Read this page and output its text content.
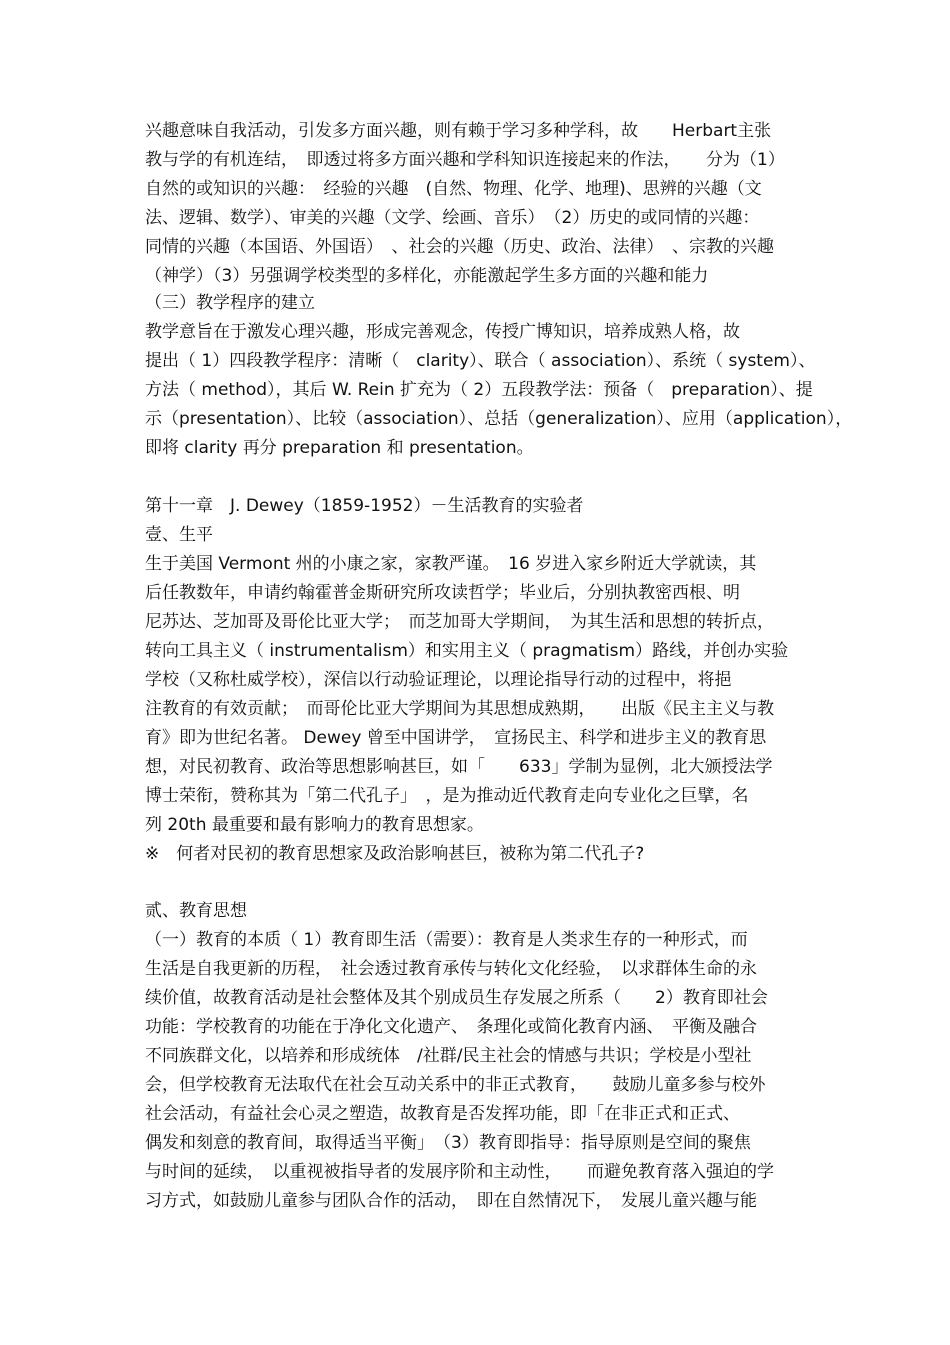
兴趣意味自我活动，引发多方面兴趣，则有赖于学习多种学科，故　　Herbart主张
教与学的有机连结，　即透过将多方面兴趣和学科知识连接起来的作法，　　分为（1）
自然的或知识的兴趣：　经验的兴趣　(自然、物理、化学、地理)、思辨的兴趣（文
法、逻辑、数学）、审美的兴趣（文学、绘画、音乐）　（2）历史的或同情的兴趣：
同情的兴趣（本国语、外国语）　、社会的兴趣（历史、政治、法律）　、宗教的兴趣
（神学）（3）另强调学校类型的多样化，亦能激起学生多方面的兴趣和能力
（三）教学程序的建立
教学意旨在于激发心理兴趣，形成完善观念，传授广博知识，培养成熟人格，故
提出（ 1）四段教学程序：清晰（　clarity）、联合（ association）、系统（ system）、
方法（ method），其后 W. Rein 扩充为（ 2）五段教学法：预备（　preparation）、提
示（presentation）、比较（association）、总括（generalization）、应用（application），
即将 clarity 再分 preparation 和 presentation。
第十一章　J. Dewey（1859-1952）－生活教育的实验者
壹、生平
生于美国 Vermont 州的小康之家，家教严谨。　16 岁进入家乡附近大学就读，其
后任教数年，申请约翰霍普金斯研究所攻读哲学；毕业后，分别执教密西根、明
尼苏达、芝加哥及哥伦比亚大学；　而芝加哥大学期间，　为其生活和思想的转折点，
转向工具主义（ instrumentalism）和实用主义（ pragmatism）路线，并创办实验
学校（又称杜威学校），深信以行动验证理论，以理论指导行动的过程中，将挹
注教育的有效贡献；　而哥伦比亚大学期间为其思想成熟期，　　出版《民主主义与教
育》即为世纪名著。 Dewey 曾至中国讲学，　宣扬民主、科学和进步主义的教育思
想，对民初教育、政治等思想影响甚巨，如「　　633」学制为显例，北大颁授法学
博士荣衔，赞称其为「第二代孔子」　，是为推动近代教育走向专业化之巨擘，名
列 20th 最重要和最有影响力的教育思想家。
※　何者对民初的教育思想家及政治影响甚巨，被称为第二代孔子?
贰、教育思想
（一）教育的本质（ 1）教育即生活（需要）：教育是人类求生存的一种形式，而
生活是自我更新的历程，　社会透过教育承传与转化文化经验，　以求群体生命的永
续价值，故教育活动是社会整体及其个别成员生存发展之所系（　　2）教育即社会
功能：学校教育的功能在于净化文化遗产、　条理化或简化教育内涵、　平衡及融合
不同族群文化，以培养和形成统体　/社群/民主社会的情感与共识；学校是小型社
会，但学校教育无法取代在社会互动关系中的非正式教育，　　鼓励儿童多参与校外
社会活动，有益社会心灵之塑造，故教育是否发挥功能，即「在非正式和正式、
偶发和刻意的教育间，取得适当平衡」　（3）教育即指导：指导原则是空间的聚焦
与时间的延续，　以重视被指导者的发展序阶和主动性，　　而避免教育落入强迫的学
习方式，如鼓励儿童参与团队合作的活动，　即在自然情况下，　发展儿童兴趣与能
